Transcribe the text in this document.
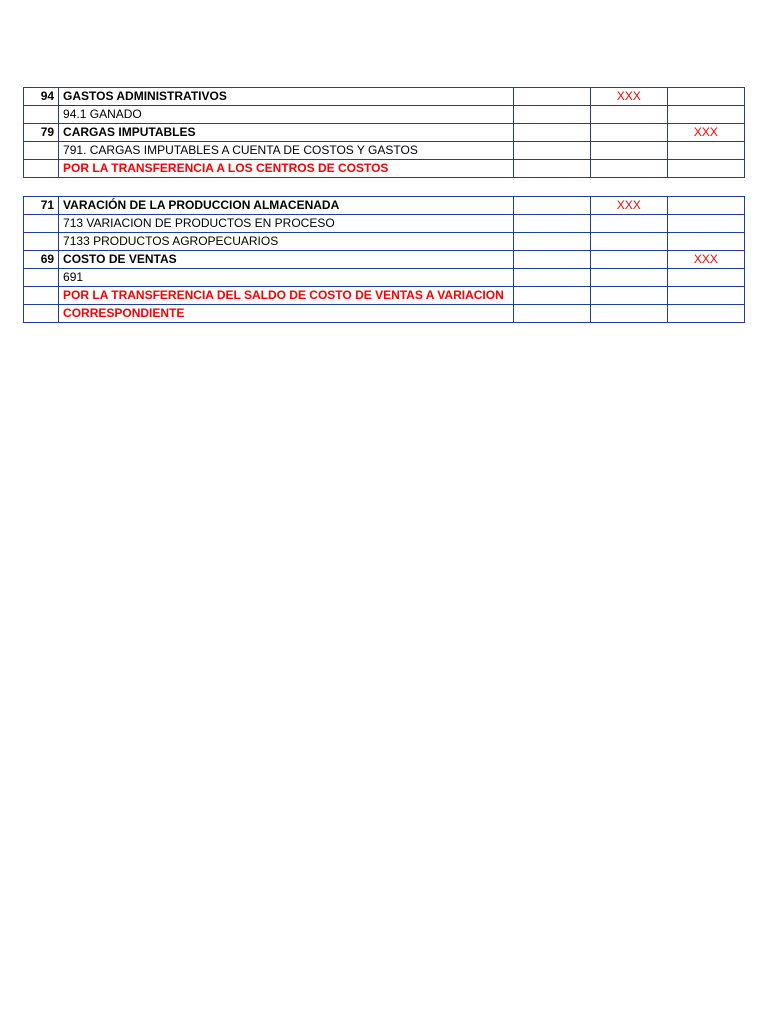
94	GASTOS ADMINISTRATIVOS		XXX	
	94.1 GANADO			
79	CARGAS IMPUTABLES			XXX
	791. CARGAS IMPUTABLES A CUENTA DE COSTOS Y GASTOS			
	POR LA TRANSFERENCIA A LOS CENTROS DE COSTOS			
71	VARACIÓN DE LA PRODUCCION ALMACENADA		XXX	
	713 VARIACION DE PRODUCTOS EN PROCESO			
	7133 PRODUCTOS AGROPECUARIOS			
69	COSTO DE VENTAS			XXX
	691			
	POR LA TRANSFERENCIA DEL SALDO DE COSTO DE VENTAS A VARIACION			
	CORRESPONDIENTE			
